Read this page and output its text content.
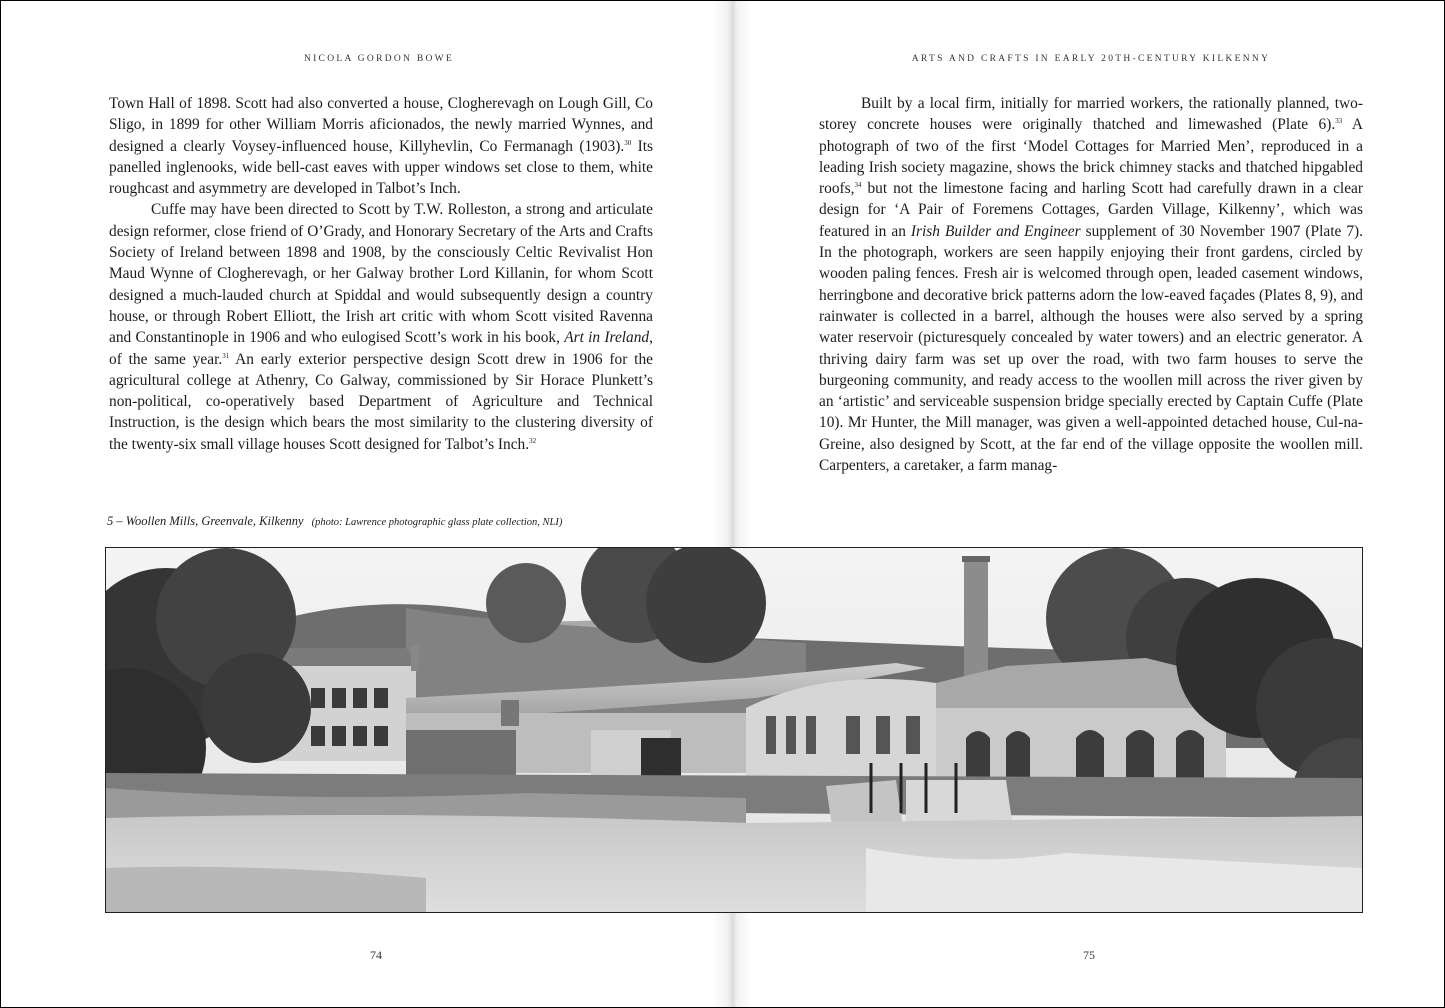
NICOLA GORDON BOWE	ARTS AND CRAFTS IN EARLY 20TH-CENTURY KILKENNY

Town Hall of 1898. Scott had also converted a house, Clogherevagh on Lough Gill, Co Sligo, in 1899 for other William Morris aficionados, the newly married Wynnes, and designed a clearly Voysey-influenced house, Killyhevlin, Co Fermanagh (1903).$^{30}$ Its panelled inglenooks, wide bell-cast eaves with upper windows set close to them, white roughcast and asymmetry are developed in Talbot’s Inch.

Cuffe may have been directed to Scott by T.W. Rolleston, a strong and articulate design reformer, close friend of O’Grady, and Honorary Secretary of the Arts and Crafts Society of Ireland between 1898 and 1908, by the consciously Celtic Revivalist Hon Maud Wynne of Clogherevagh, or her Galway brother Lord Killanin, for whom Scott designed a much-lauded church at Spiddal and would subsequently design a country house, or through Robert Elliott, the Irish art critic with whom Scott visited Ravenna and Constantinople in 1906 and who eulogised Scott’s work in his book, Art in Ireland, of the same year.$^{31}$ An early exterior perspective design Scott drew in 1906 for the agricultural college at Athenry, Co Galway, commissioned by Sir Horace Plunkett’s non-political, co-operatively based Department of Agriculture and Technical Instruction, is the design which bears the most similarity to the clustering diversity of the twenty-six small village houses Scott designed for Talbot’s Inch.$^{32}$

Built by a local firm, initially for married workers, the rationally planned, two-storey concrete houses were originally thatched and limewashed (Plate 6).$^{33}$ A photograph of two of the first ‘Model Cottages for Married Men’, reproduced in a leading Irish society magazine, shows the brick chimney stacks and thatched hipgabled roofs,$^{34}$ but not the limestone facing and harling Scott had carefully drawn in a clear design for ‘A Pair of Foremens Cottages, Garden Village, Kilkenny’, which was featured in an Irish Builder and Engineer supplement of 30 November 1907 (Plate 7). In the photograph, workers are seen happily enjoying their front gardens, circled by wooden paling fences. Fresh air is welcomed through open, leaded casement windows, herringbone and decorative brick patterns adorn the low-eaved façades (Plates 8, 9), and rainwater is collected in a barrel, although the houses were also served by a spring water reservoir (picturesquely concealed by water towers) and an electric generator. A thriving dairy farm was set up over the road, with two farm houses to serve the burgeoning community, and ready access to the woollen mill across the river given by an ‘artistic’ and serviceable suspension bridge specially erected by Captain Cuffe (Plate 10). Mr Hunter, the Mill manager, was given a well-appointed detached house, Cul-na-Greine, also designed by Scott, at the far end of the village opposite the woollen mill. Carpenters, a caretaker, a farm manag-

5 – Woollen Mills, Greenvale, Kilkenny (photo: Lawrence photographic glass plate collection, NLI)
74	75
